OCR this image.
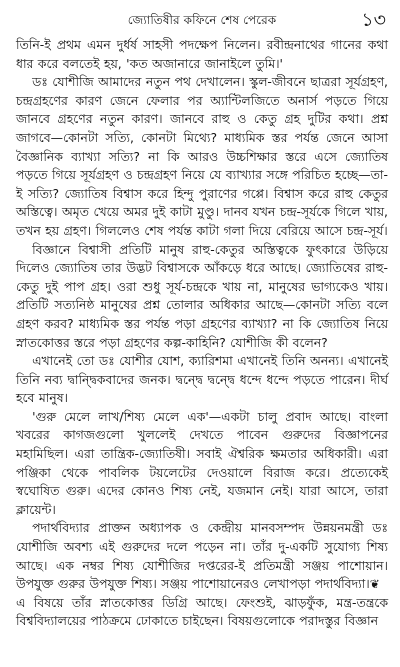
জ্যোতিষীর কফিনে শেষ পেরেক	১৩

তিনি-ই প্রথম এমন দুর্ধর্ষ সাহসী পদক্ষেপ নিলেন। রবীন্দ্রনাথের গানের কথা ধার করে বলতেই হয়, 'কত অজানারে জানাইলে তুমি।'

ডঃ যোশীজি আমাদের নতুন পথ দেখালেন। স্কুল-জীবনে ছাত্ররা সূর্যগ্রহণ, চন্দ্রগ্রহণের কারণ জেনে ফেলার পর অ্যান্টিলজিতে অনার্স পড়তে গিয়ে জানবে গ্রহণের নতুন কারণ। জানবে রাহু ও কেতু গ্রহ দুটির কথা। প্রশ্ন জাগবে—কোনটা সত্যি, কোনটা মিথ্যে? মাধ্যমিক স্তর পর্যন্ত জেনে আসা বৈজ্ঞানিক ব্যাখ্যা সত্যি? না কি আরও উচ্চশিক্ষার স্তরে এসে জ্যোতিষ পড়তে গিয়ে সূর্যগ্রহণ ও চন্দ্রগ্রহণ নিয়ে যে ব্যাখ্যার সঙ্গে পরিচিত হচ্ছে—তা-ই সত্যি? জ্যোতিষ বিশ্বাস করে হিন্দু পুরাণের গপ্পে। বিশ্বাস করে রাহু কেতুর অস্তিত্বে। অমৃত খেয়ে অমর দুই কাটা মুণ্ডু। দানব যখন চন্দ্র-সূর্যকে গিলে খায়, তখন হয় গ্রহণ। গিললেও শেষ পর্যন্ত কাটা গলা দিয়ে বেরিয়ে আসে চন্দ্র-সূর্য।

বিজ্ঞানে বিশ্বাসী প্রতিটি মানুষ রাহু-কেতুর অস্তিত্বকে ফুৎকারে উড়িয়ে দিলেও জ্যোতিষ তার উদ্ভট বিশ্বাসকে আঁকড়ে ধরে আছে। জ্যোতিষের রাহু-কেতু দুই পাপ গ্রহ। ওরা শুধু সূর্য-চন্দ্রকে খায় না, মানুষের ভাগ্যকেও খায়। প্রতিটি সত্যনিষ্ঠ মানুষের প্রশ্ন তোলার অধিকার আছে—কোনটা সত্যি বলে গ্রহণ করব? মাধ্যমিক স্তর পর্যন্ত পড়া গ্রহণের ব্যাখ্যা? না কি জ্যোতিষ নিয়ে স্নাতকোত্তর স্তরে পড়া গ্রহণের কল্প-কাহিনি? যোশীজি কী বলেন?

এখানেই তো ডঃ যোশীর যোশ, ক্যারিশমা এখানেই তিনি অনন্য। এখানেই তিনি নব্য দ্বান্দ্বিকবাদের জনক। দ্বন্দ্বে দ্বন্দ্বে ধন্দে ধন্দে পড়তে পারেন। দীর্ঘ হবে মানুষ।

'গুরু মেলে লাখ/শিষ্য মেলে এক'—একটা চালু প্রবাদ আছে। বাংলা খবরের কাগজগুলো খুললেই দেখতে পাবেন গুরুদের বিজ্ঞাপনের মহামিছিল। এরা তান্ত্রিক-জ্যোতিষী। সবাই ঐশ্বরিক ক্ষমতার অধিকারী। এরা পঞ্জিকা থেকে পাবলিক টয়লেটের দেওয়ালে বিরাজ করে। প্রত্যেকেই স্বঘোষিত গুরু। এদের কোনও শিষ্য নেই, যজমান নেই। যারা আসে, তারা ক্লায়েন্ট।

পদার্থবিদ্যার প্রাক্তন অধ্যাপক ও কেন্দ্রীয় মানবসম্পদ উন্নয়নমন্ত্রী ডঃ যোশীজি অবশ্য এই গুরুদের দলে পড়েন না। তাঁর দু-একটি সুযোগ্য শিষ্য আছে। এক নম্বর শিষ্য যোশীজির দপ্তরের-ই প্রতিমন্ত্রী সঞ্জয় পাশোয়ান। উপযুক্ত গুরুর উপযুক্ত শিষ্য। সঞ্জয় পাশোয়ানেরও লেখাপড়া পদার্থবিদ্যা।❦

এ বিষয়ে তাঁর স্নাতকোত্তর ডিগ্রি আছে। ফেংশুই, ঝাড়ফুঁক, মন্ত্র-তন্ত্রকে বিশ্ববিদ্যালয়ের পাঠক্রমে ঢোকাতে চাইছেন। বিষয়গুলোকে পরাদস্তুর বিজ্ঞান
